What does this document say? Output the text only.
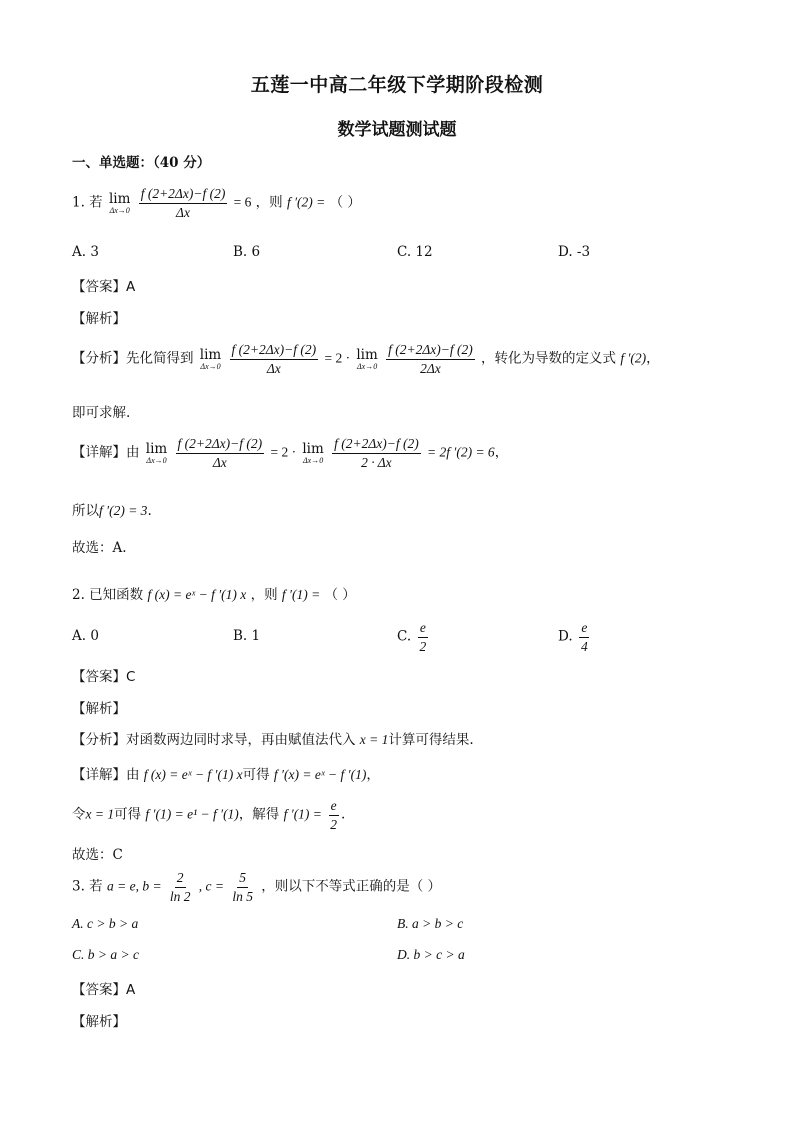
五莲一中高二年级下学期阶段检测
数学试题测试题
一、单选题：（40 分）
1. 若 lim
Δx→0
$\frac{f (2+2\Delta x)-f (2)}{\Delta x} = 6$ ，则 f ′(2) = （ ）
A. 3	B. 6	C. 12	D. -3
【答案】A
【解析】
【分析】先化简得到 lim
Δx→0
$\frac{f (2+2\Delta x)-f (2)}{\Delta x} = 2 \cdot \lim$
Δx→0
$\frac{f (2+2\Delta x)-f (2)}{2\Delta x}$ ，转化为导数的定义式 f ′(2)，
即可求解.
【详解】由 lim
Δx→0
$\frac{f (2+2\Delta x)-f (2)}{\Delta x} = 2 \cdot \lim$
Δx→0
$\frac{f (2+2\Delta x)-f (2)}{2 \cdot \Delta x} = 2f$ ′(2) = 6，
所以f ′(2) = 3.
故选：A.
2. 已知函数 f (x) = eˣ − f ′(1) x ，则 f ′(1) = （ ）
A. 0	B. 1	C. $\frac{e}{2}$	D. $\frac{e}{4}$
【答案】C
【解析】
【分析】对函数两边同时求导，再由赋值法代入 x = 1计算可得结果.
【详解】由 f (x) = eˣ − f ′(1) x可得 f ′(x) = eˣ − f ′(1)，
令x = 1可得 f ′(1) = e¹ − f ′(1)，解得 f $'(1) = \frac{e}{2}$ .
故选：C
3. 若 a = e, $b = \frac{2}{\ln 2}$ , $c = \frac{5}{\ln 5}$ ，则以下不等式正确的是（ ）
A. c > b > a	B. a > b > c
C. b > a > c	D. b > c > a
【答案】A
【解析】
